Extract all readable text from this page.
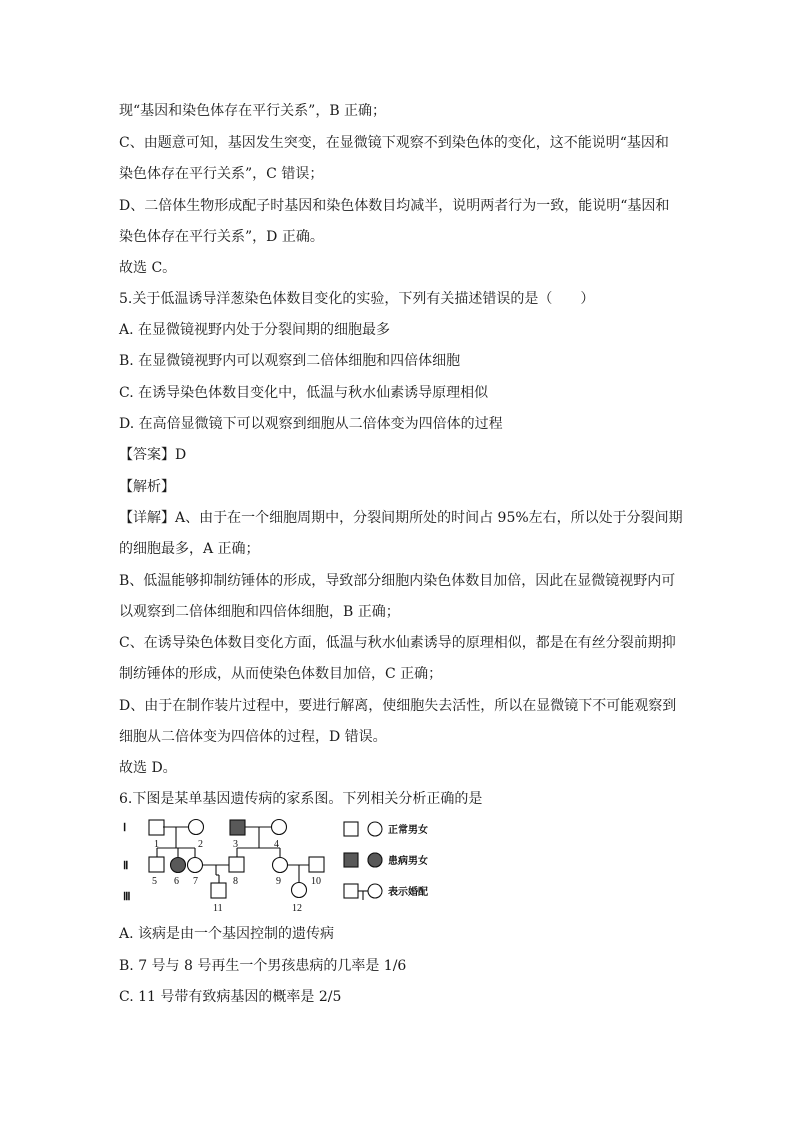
现“基因和染色体存在平行关系”，B 正确；
C、由题意可知，基因发生突变，在显微镜下观察不到染色体的变化，这不能说明“基因和
染色体存在平行关系”，C 错误；
D、二倍体生物形成配子时基因和染色体数目均减半，说明两者行为一致，能说明“基因和
染色体存在平行关系”，D 正确。
故选 C。
5.关于低温诱导洋葱染色体数目变化的实验，下列有关描述错误的是（　　）
A. 在显微镜视野内处于分裂间期的细胞最多
B. 在显微镜视野内可以观察到二倍体细胞和四倍体细胞
C. 在诱导染色体数目变化中，低温与秋水仙素诱导原理相似
D. 在高倍显微镜下可以观察到细胞从二倍体变为四倍体的过程
【答案】D
【解析】
【详解】A、由于在一个细胞周期中，分裂间期所处的时间占 95%左右，所以处于分裂间期
的细胞最多，A 正确；
B、低温能够抑制纺锤体的形成，导致部分细胞内染色体数目加倍，因此在显微镜视野内可
以观察到二倍体细胞和四倍体细胞，B 正确；
C、在诱导染色体数目变化方面，低温与秋水仙素诱导的原理相似，都是在有丝分裂前期抑
制纺锤体的形成，从而使染色体数目加倍，C 正确；
D、由于在制作装片过程中，要进行解离，使细胞失去活性，所以在显微镜下不可能观察到
细胞从二倍体变为四倍体的过程，D 错误。
故选 D。
6.下图是某单基因遗传病的家系图。下列相关分析正确的是
Ⅰ
Ⅱ
Ⅲ
1	2	3	4
5 6 7	8	9	10
11	12
正常男女
患病男女
表示婚配
A. 该病是由一个基因控制的遗传病
B. 7 号与 8 号再生一个男孩患病的几率是 1/6
C. 11 号带有致病基因的概率是 2/5
